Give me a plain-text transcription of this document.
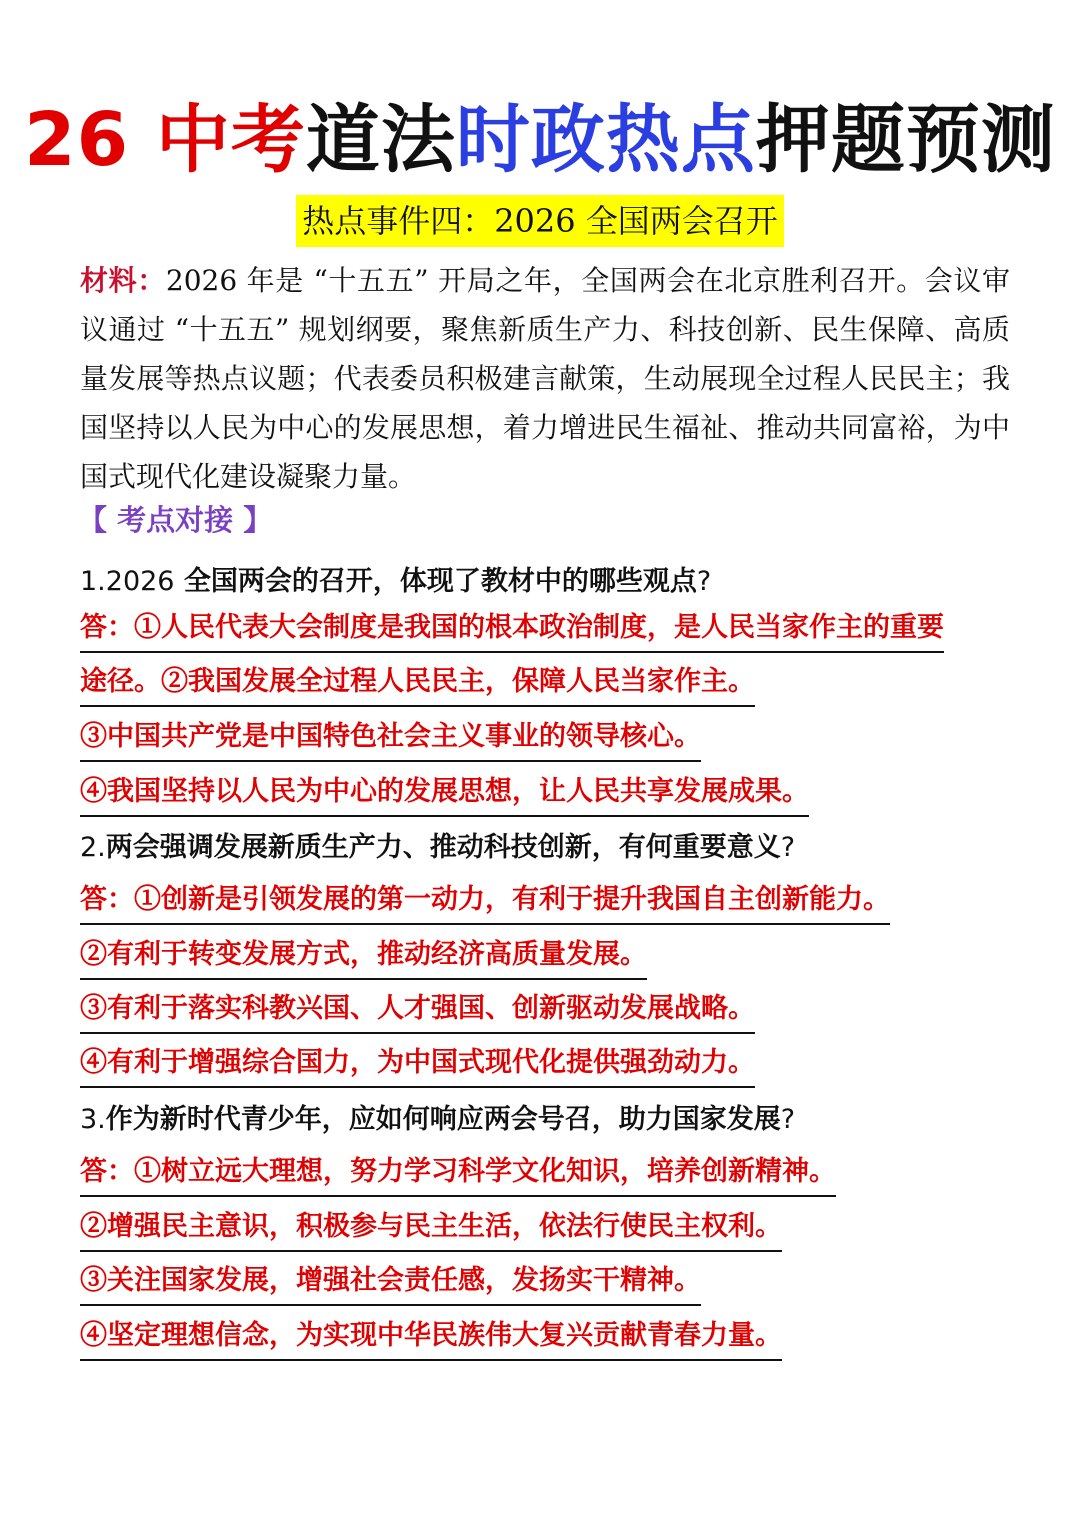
26 中考道法时政热点押题预测
热点事件四：2026 全国两会召开
材料：2026 年是 “十五五” 开局之年，全国两会在北京胜利召开。会议审议通过 “十五五” 规划纲要，聚焦新质生产力、科技创新、民生保障、高质量发展等热点议题；代表委员积极建言献策，生动展现全过程人民民主；我国坚持以人民为中心的发展思想，着力增进民生福祉、推动共同富裕，为中国式现代化建设凝聚力量。
【 考点对接 】
1.2026 全国两会的召开，体现了教材中的哪些观点?
答：①人民代表大会制度是我国的根本政治制度，是人民当家作主的重要
途径。②我国发展全过程人民民主，保障人民当家作主。
③中国共产党是中国特色社会主义事业的领导核心。
④我国坚持以人民为中心的发展思想，让人民共享发展成果。
2.两会强调发展新质生产力、推动科技创新，有何重要意义?
答：①创新是引领发展的第一动力，有利于提升我国自主创新能力。
②有利于转变发展方式，推动经济高质量发展。
③有利于落实科教兴国、人才强国、创新驱动发展战略。
④有利于增强综合国力，为中国式现代化提供强劲动力。
3.作为新时代青少年，应如何响应两会号召，助力国家发展?
答：①树立远大理想，努力学习科学文化知识，培养创新精神。
②增强民主意识，积极参与民主生活，依法行使民主权利。
③关注国家发展，增强社会责任感，发扬实干精神。
④坚定理想信念，为实现中华民族伟大复兴贡献青春力量。
